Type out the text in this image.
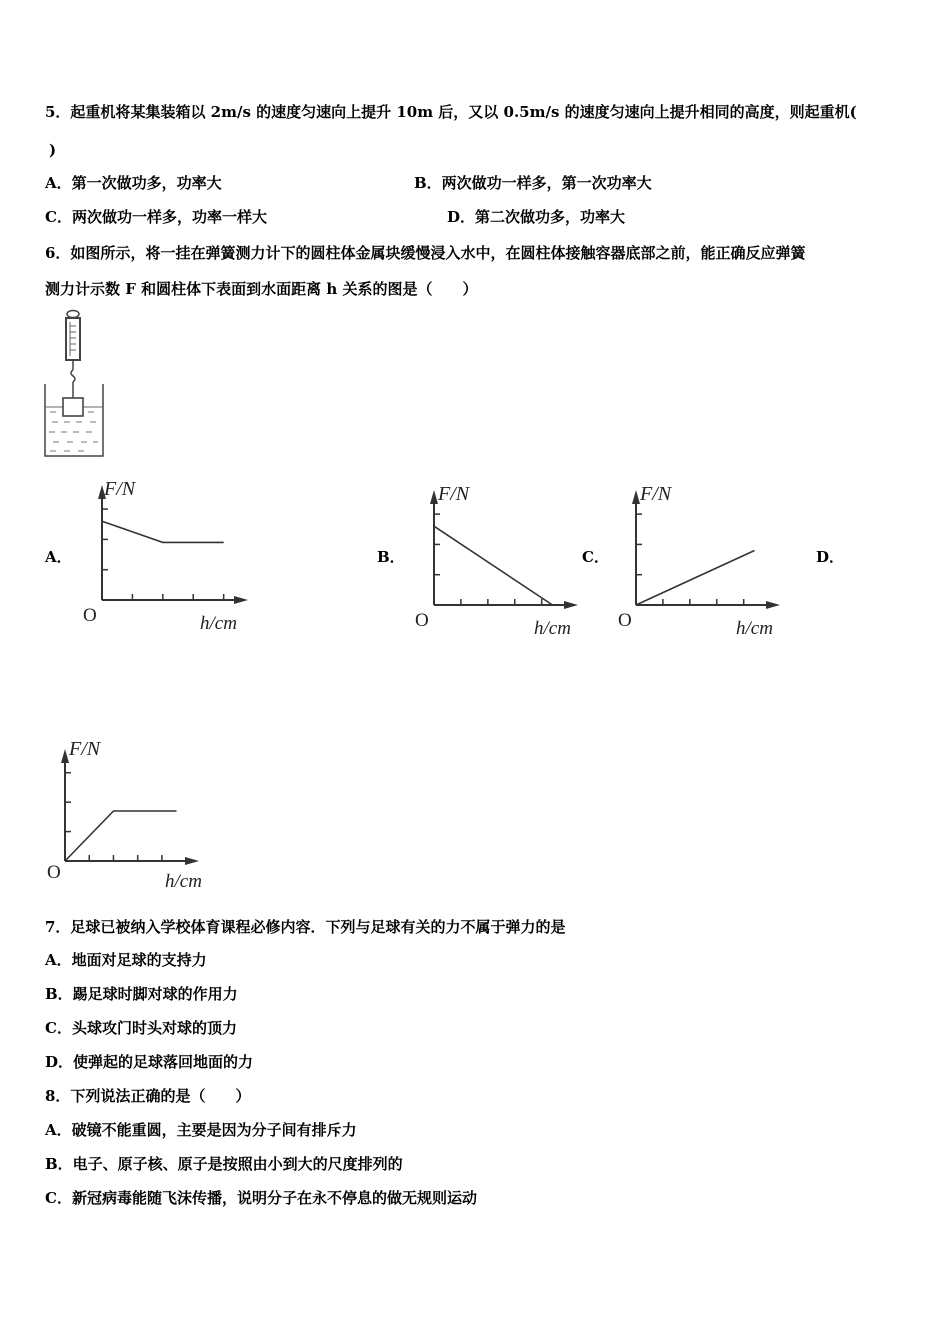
5．起重机将某集装箱以 2m/s 的速度匀速向上提升 10m 后，又以 0.5m/s 的速度匀速向上提升相同的高度，则起重机(
)
A．第一次做功多，功率大	B．两次做功一样多，第一次功率大
C．两次做功一样多，功率一样大	D．第二次做功多，功率大
6．如图所示，将一挂在弹簧测力计下的圆柱体金属块缓慢浸入水中，在圆柱体接触容器底部之前，能正确反应弹簧
测力计示数 F 和圆柱体下表面到水面距离 h 关系的图是（　　）
A．	B．	C．	D．
F/N
O	h/cm
F/N
O	h/cm
F/N
O	h/cm
F/N
O	h/cm
7．足球已被纳入学校体育课程必修内容．下列与足球有关的力不属于弹力的是
A．地面对足球的支持力
B．踢足球时脚对球的作用力
C．头球攻门时头对球的顶力
D．使弹起的足球落回地面的力
8．下列说法正确的是（　　）
A．破镜不能重圆，主要是因为分子间有排斥力
B．电子、原子核、原子是按照由小到大的尺度排列的
C．新冠病毒能随飞沫传播，说明分子在永不停息的做无规则运动
